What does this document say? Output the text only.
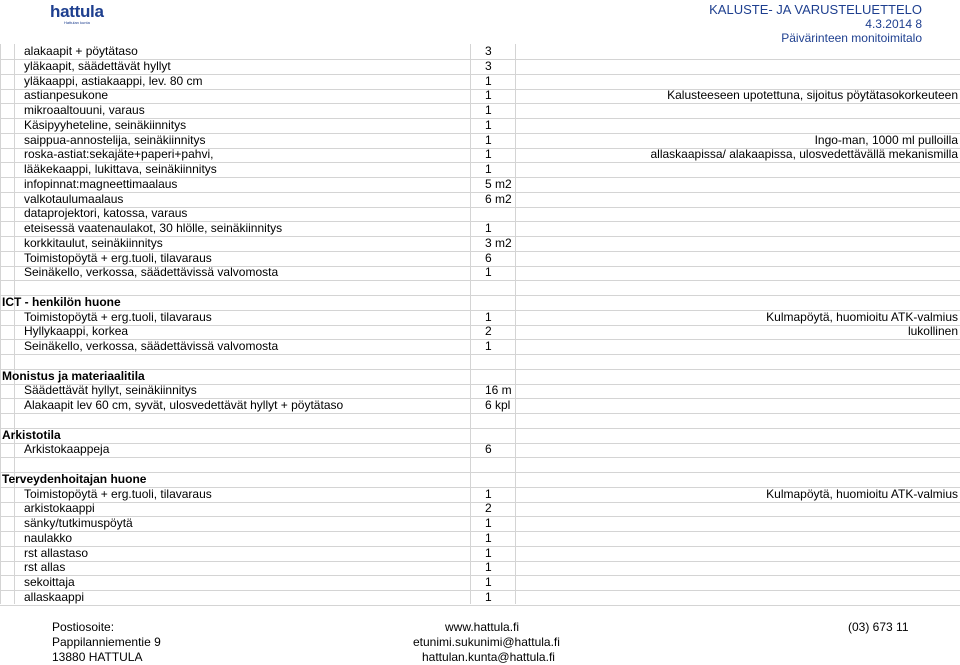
hattula
Hattulan kunta
KALUSTE- JA VARUSTELUETTELO
4.3.2014 8
Päivärinteen monitoimitalo
alakaapit + pöytätaso	3
yläkaapit, säädettävät hyllyt	3
yläkaappi, astiakaappi, lev. 80 cm	1
astianpesukone	1	Kalusteeseen upotettuna, sijoitus pöytätasokorkeuteen
mikroaaltouuni, varaus	1
Käsipyyheteline, seinäkiinnitys	1
saippua-annostelija, seinäkiinnitys	1	Ingo-man, 1000 ml pulloilla
roska-astiat:sekajäte+paperi+pahvi,	1	allaskaapissa/ alakaapissa, ulosvedettävällä mekanismilla
lääkekaappi, lukittava, seinäkiinnitys	1
infopinnat:magneettimaalaus	5 m2
valkotaulumaalaus	6 m2
dataprojektori, katossa, varaus
eteisessä vaatenaulakot, 30 hlölle, seinäkiinnitys	1
korkkitaulut, seinäkiinnitys	3 m2
Toimistopöytä + erg.tuoli, tilavaraus	6
Seinäkello, verkossa, säädettävissä valvomosta	1
ICT - henkilön huone
Toimistopöytä + erg.tuoli, tilavaraus	1	Kulmapöytä, huomioitu ATK-valmius
Hyllykaappi, korkea	2	lukollinen
Seinäkello, verkossa, säädettävissä valvomosta	1
Monistus ja materiaalitila
Säädettävät hyllyt, seinäkiinnitys	16 m
Alakaapit lev 60 cm, syvät, ulosvedettävät hyllyt + pöytätaso	6 kpl
Arkistotila
Arkistokaappeja	6
Terveydenhoitajan huone
Toimistopöytä + erg.tuoli, tilavaraus	1	Kulmapöytä, huomioitu ATK-valmius
arkistokaappi	2
sänky/tutkimuspöytä	1
naulakko	1
rst allastaso	1
rst allas	1
sekoittaja	1
allaskaappi	1
Postiosoite:
Pappilanniementie 9
13880 HATTULA
www.hattula.fi
etunimi.sukunimi@hattula.fi
hattulan.kunta@hattula.fi
(03) 673 11
